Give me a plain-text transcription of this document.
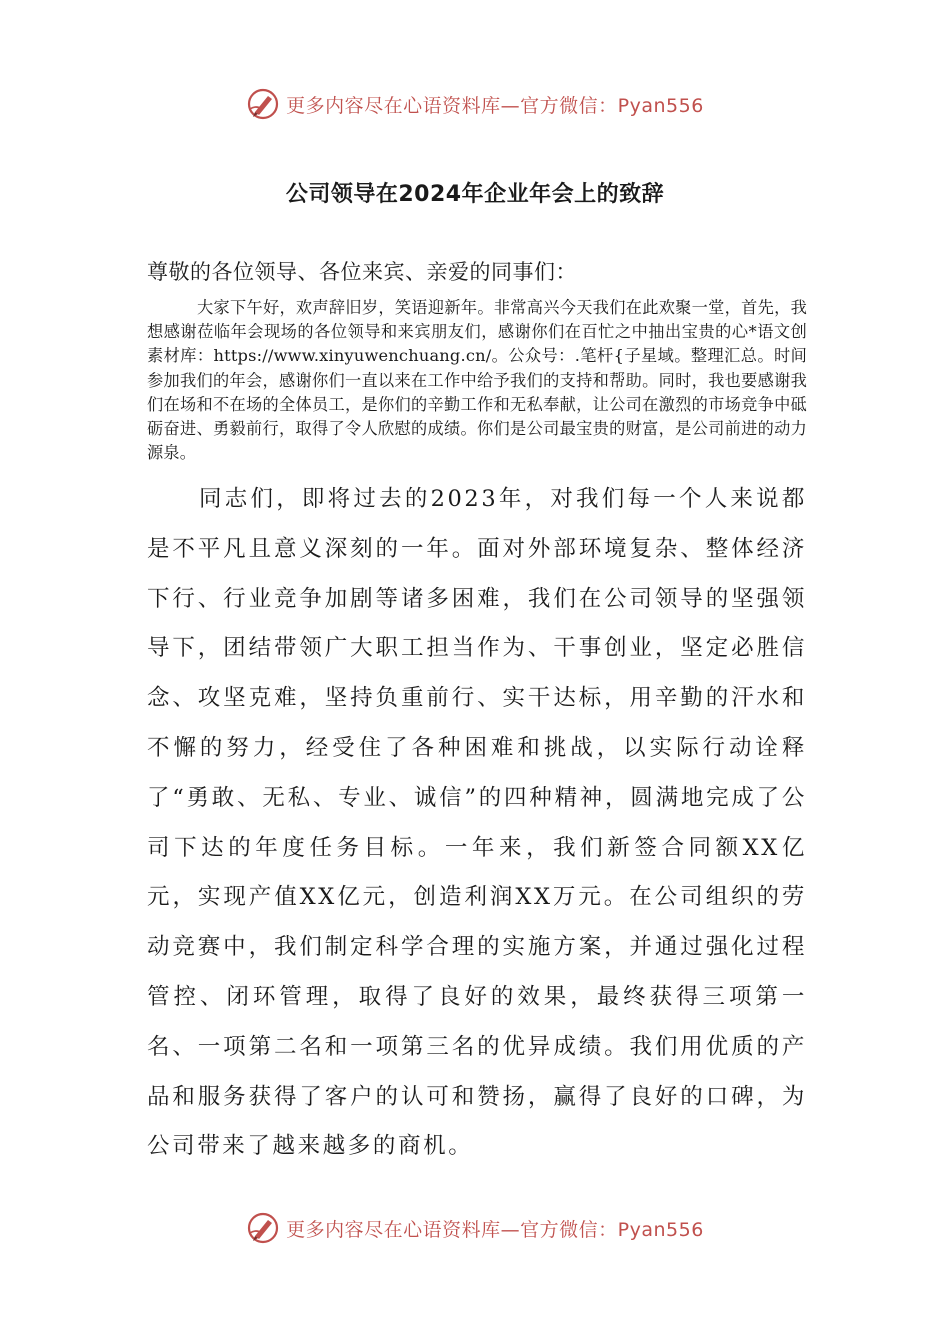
更多内容尽在心语资料库—官方微信：Pyan556
公司领导在2024年企业年会上的致辞
尊敬的各位领导、各位来宾、亲爱的同事们：

大家下午好，欢声辞旧岁，笑语迎新年。非常高兴今天我们在此欢聚一堂，首先，我想感谢莅临年会现场的各位领导和来宾朋友们，感谢你们在百忙之中抽出宝贵的心*语文创素材库：https://www.xinyuwenchuang.cn/。公众号：.笔杆{子星域。整理汇总。时间参加我们的年会，感谢你们一直以来在工作中给予我们的支持和帮助。同时，我也要感谢我们在场和不在场的全体员工，是你们的辛勤工作和无私奉献，让公司在激烈的市场竞争中砥砺奋进、勇毅前行，取得了令人欣慰的成绩。你们是公司最宝贵的财富，是公司前进的动力源泉。

同志们，即将过去的2023年，对我们每一个人来说都是不平凡且意义深刻的一年。面对外部环境复杂、整体经济下行、行业竞争加剧等诸多困难，我们在公司领导的坚强领导下，团结带领广大职工担当作为、干事创业，坚定必胜信念、攻坚克难，坚持负重前行、实干达标，用辛勤的汗水和不懈的努力，经受住了各种困难和挑战，以实际行动诠释了“勇敢、无私、专业、诚信”的四种精神，圆满地完成了公司下达的年度任务目标。一年来，我们新签合同额XX亿元，实现产值XX亿元，创造利润XX万元。在公司组织的劳动竞赛中，我们制定科学合理的实施方案，并通过强化过程管控、闭环管理，取得了良好的效果，最终获得三项第一名、一项第二名和一项第三名的优异成绩。我们用优质的产品和服务获得了客户的认可和赞扬，赢得了良好的口碑，为公司带来了越来越多的商机。

更多内容尽在心语资料库—官方微信：Pyan556
